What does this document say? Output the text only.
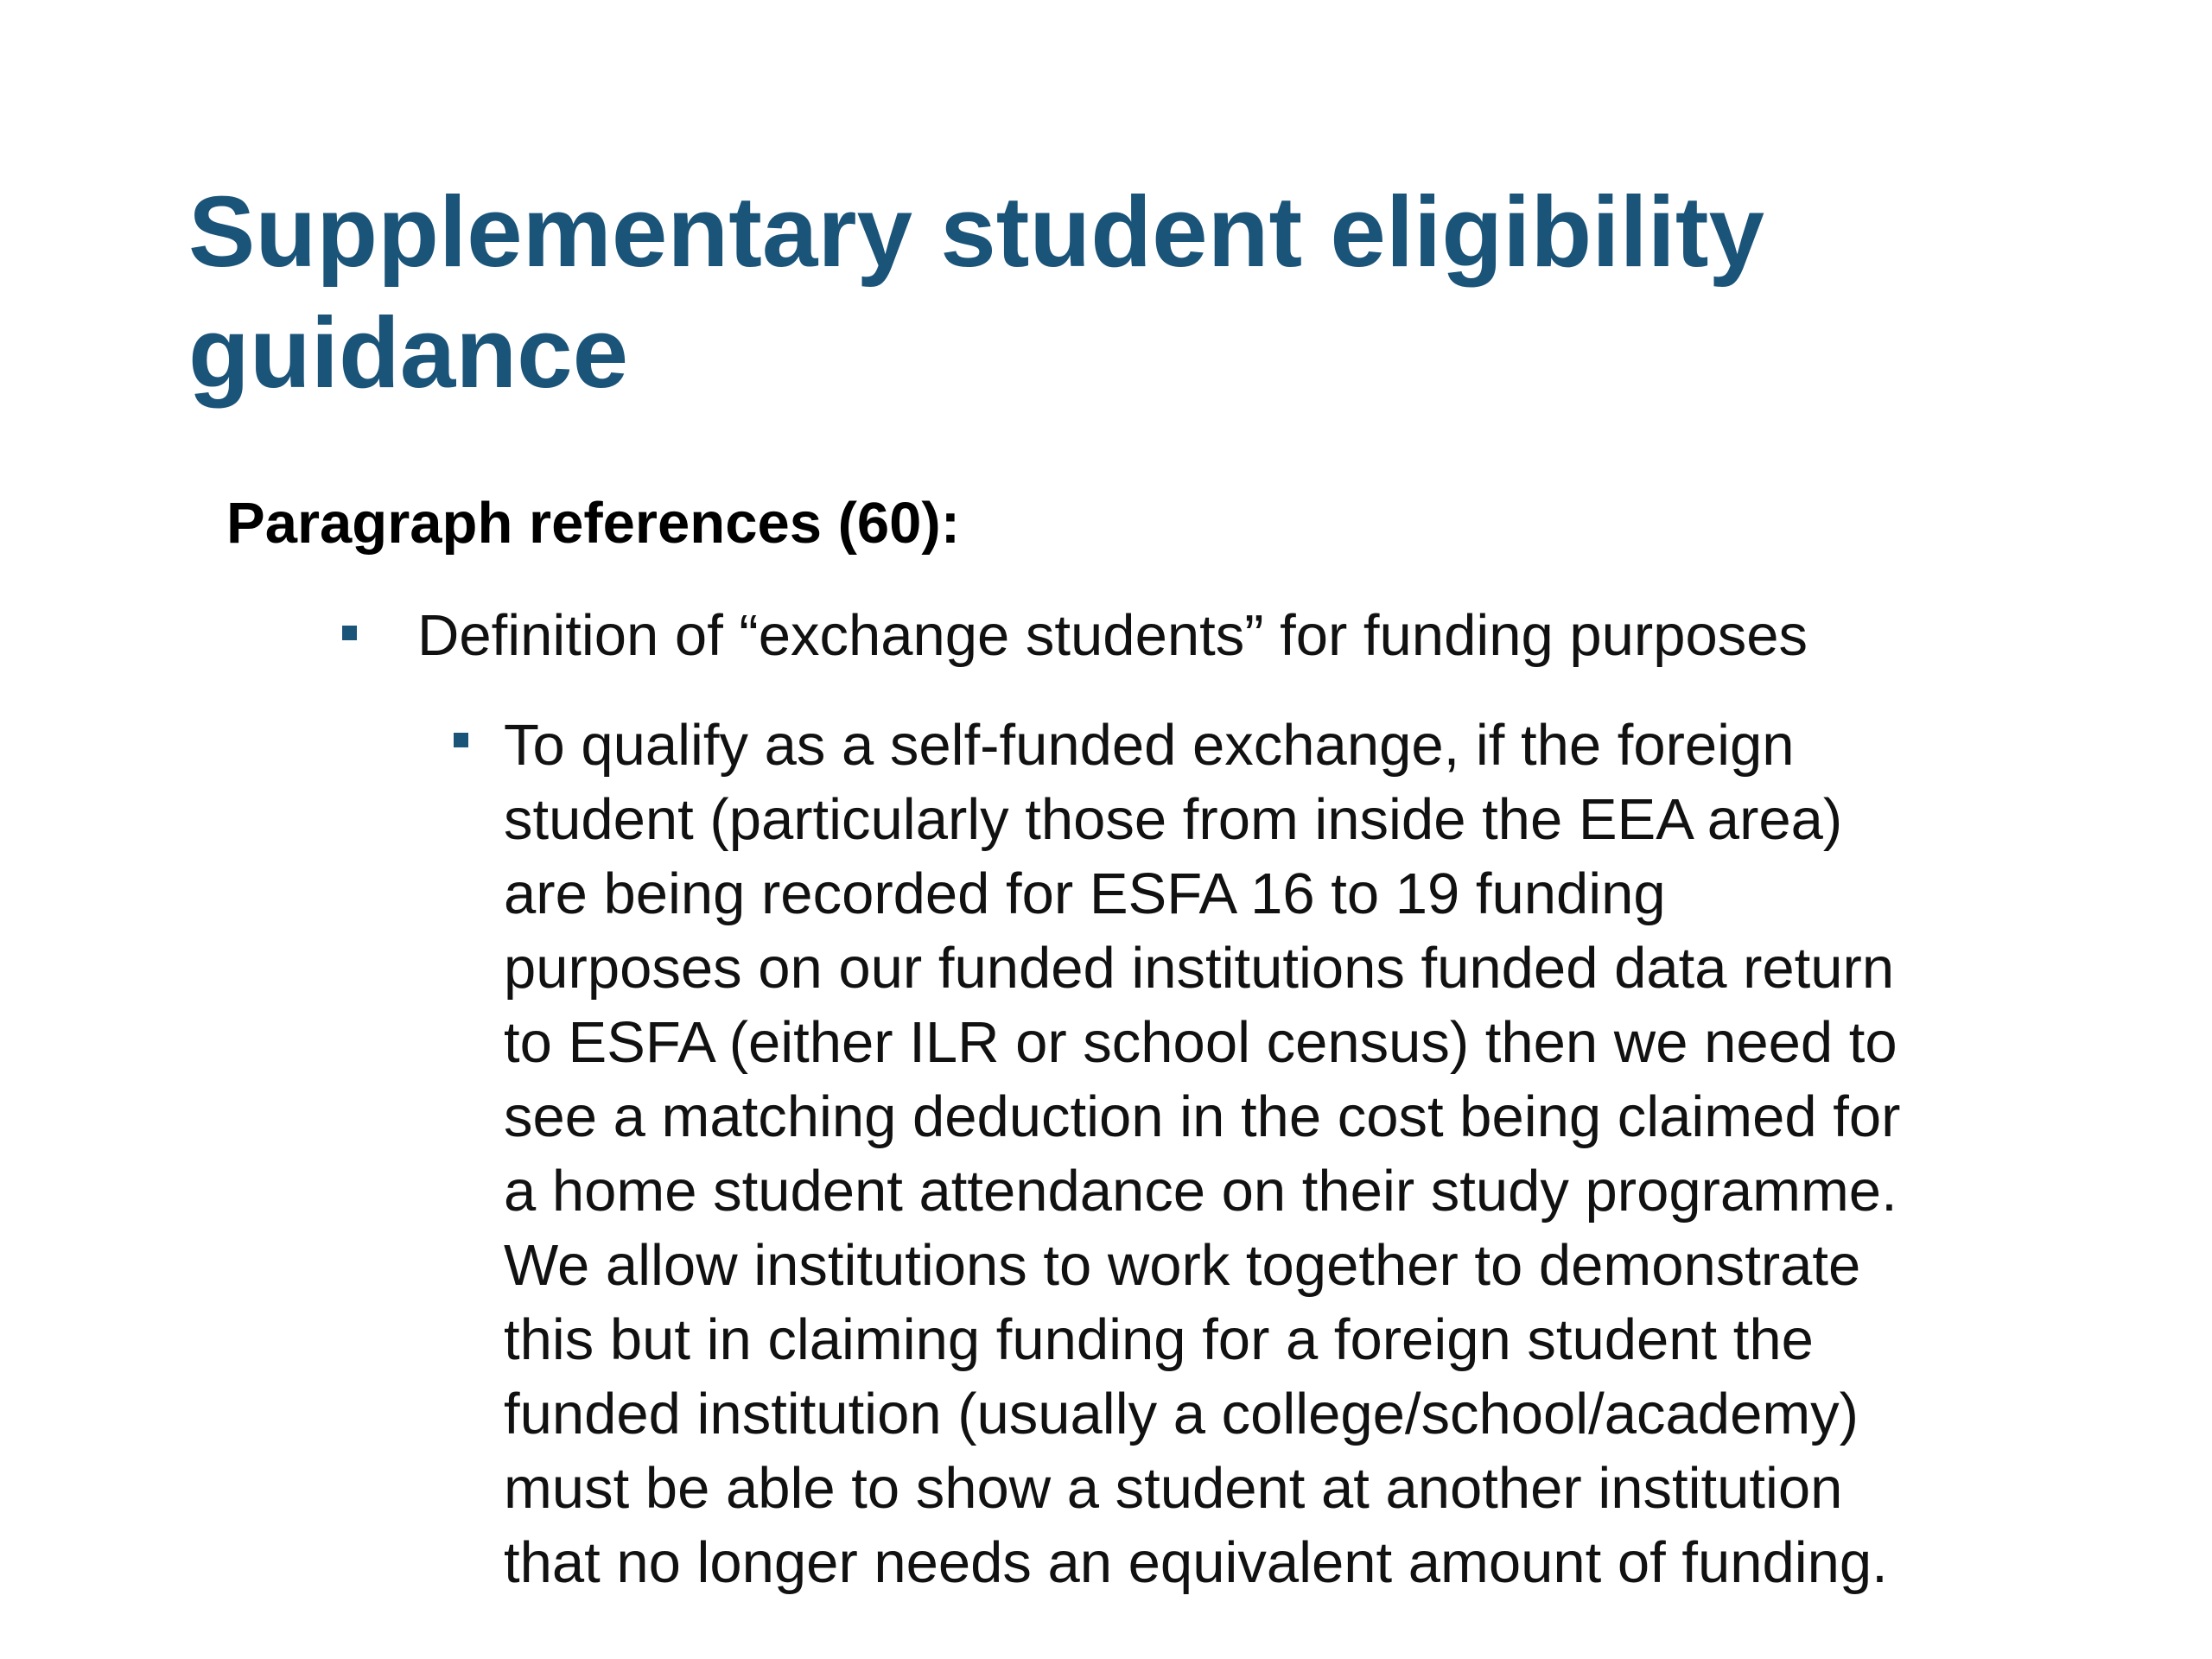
Supplementary student eligibility
guidance

Paragraph references (60):

Definition of “exchange students” for funding purposes
To qualify as a self-funded exchange, if the foreign
student (particularly those from inside the EEA area)
are being recorded for ESFA 16 to 19 funding
purposes on our funded institutions funded data return
to ESFA (either ILR or school census) then we need to
see a matching deduction in the cost being claimed for
a home student attendance on their study programme.
We allow institutions to work together to demonstrate
this but in claiming funding for a foreign student the
funded institution (usually a college/school/academy)
must be able to show a student at another institution
that no longer needs an equivalent amount of funding.
